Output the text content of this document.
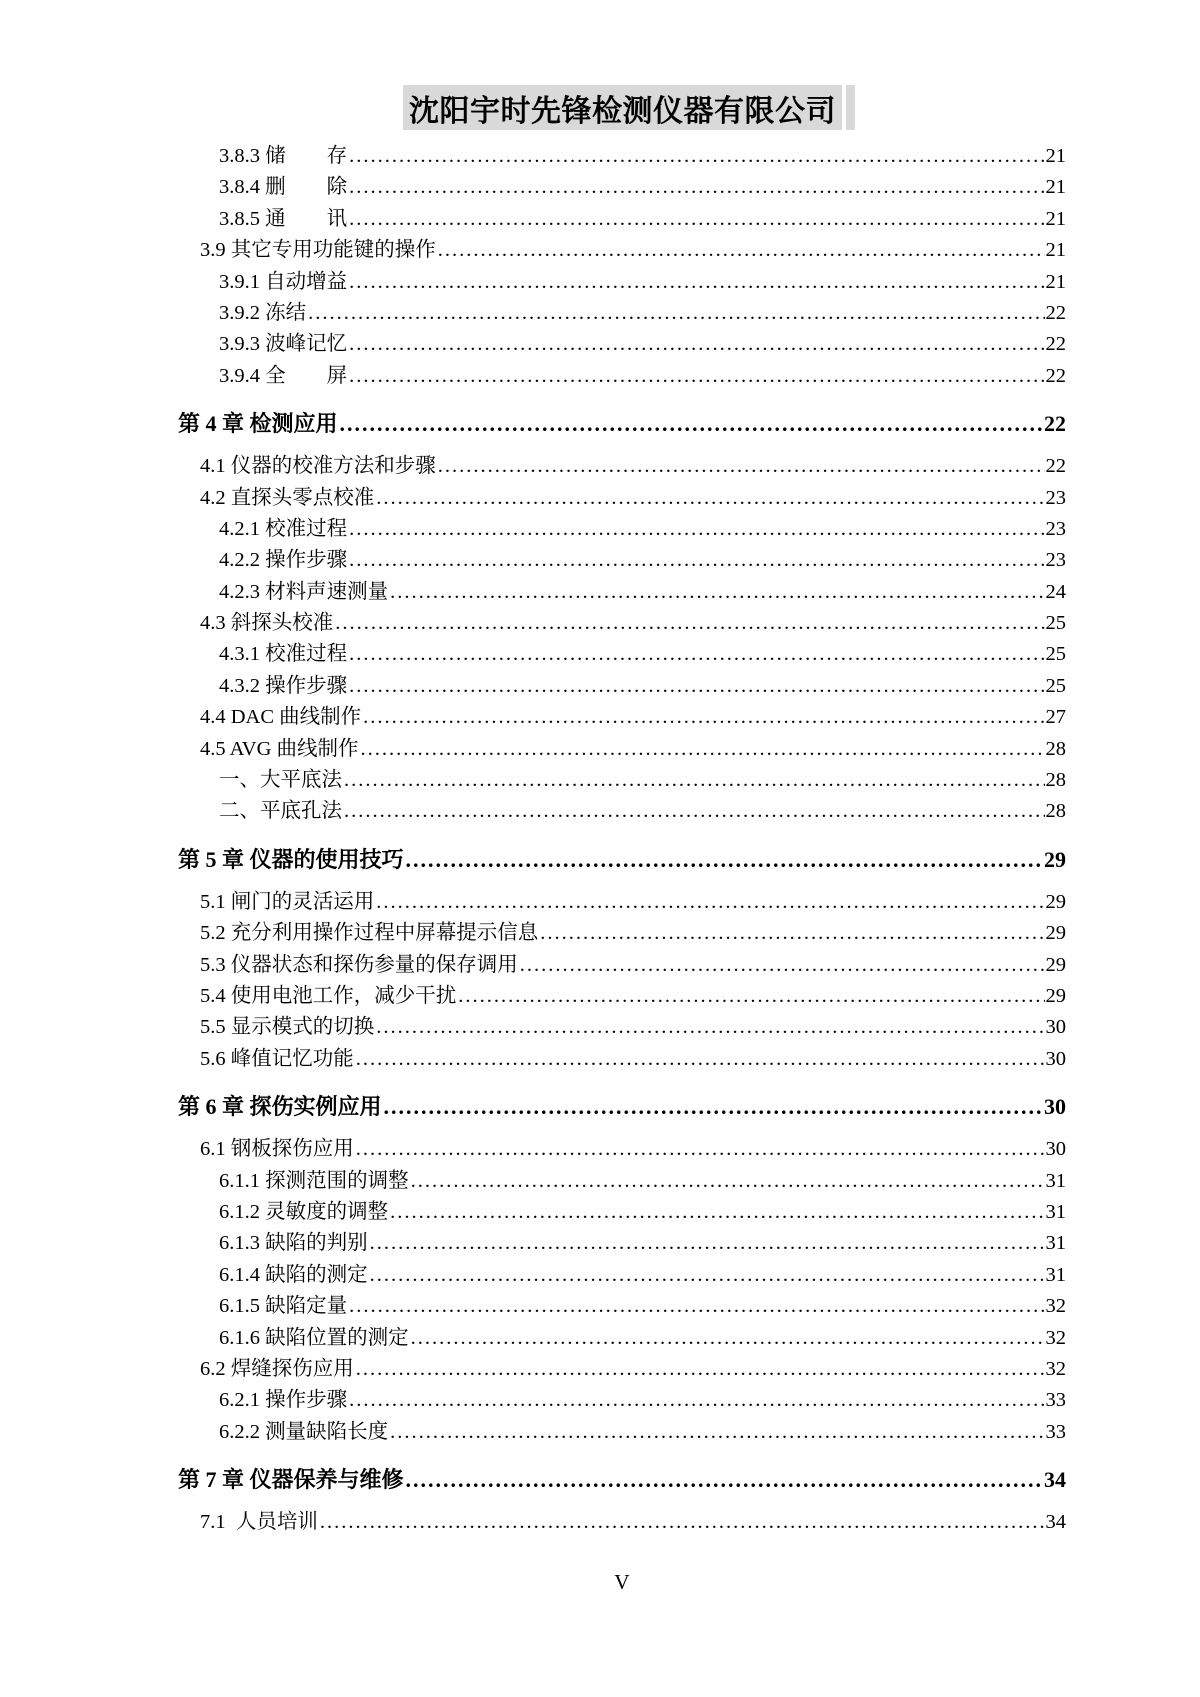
沈阳宇时先锋检测仪器有限公司
3.8.3 储　　存 .....	21
3.8.4 删　　除 .....	21
3.8.5 通　　讯 .....	21
3.9 其它专用功能键的操作 .....	21
3.9.1 自动增益 .....	21
3.9.2 冻结 .....	22
3.9.3 波峰记忆 .....	22
3.9.4 全　　屏 .....	22
第 4 章 检测应用 .....	22
4.1 仪器的校准方法和步骤 .....	22
4.2 直探头零点校准 .....	23
4.2.1 校准过程 .....	23
4.2.2 操作步骤 .....	23
4.2.3 材料声速测量 .....	24
4.3 斜探头校准 .....	25
4.3.1 校准过程 .....	25
4.3.2 操作步骤 .....	25
4.4 DAC 曲线制作 .....	27
4.5 AVG 曲线制作 .....	28
一、大平底法 .....	28
二、平底孔法 .....	28
第 5 章 仪器的使用技巧 .....	29
5.1 闸门的灵活运用 .....	29
5.2 充分利用操作过程中屏幕提示信息 .....	29
5.3 仪器状态和探伤参量的保存调用 .....	29
5.4 使用电池工作，减少干扰 .....	29
5.5 显示模式的切换 .....	30
5.6 峰值记忆功能 .....	30
第 6 章 探伤实例应用 .....	30
6.1 钢板探伤应用 .....	30
6.1.1 探测范围的调整 .....	31
6.1.2 灵敏度的调整 .....	31
6.1.3 缺陷的判别 .....	31
6.1.4 缺陷的测定 .....	31
6.1.5 缺陷定量 .....	32
6.1.6 缺陷位置的测定 .....	32
6.2 焊缝探伤应用 .....	32
6.2.1 操作步骤 .....	33
6.2.2 测量缺陷长度 .....	33
第 7 章 仪器保养与维修 .....	34
7.1  人员培训 .....	34
V
